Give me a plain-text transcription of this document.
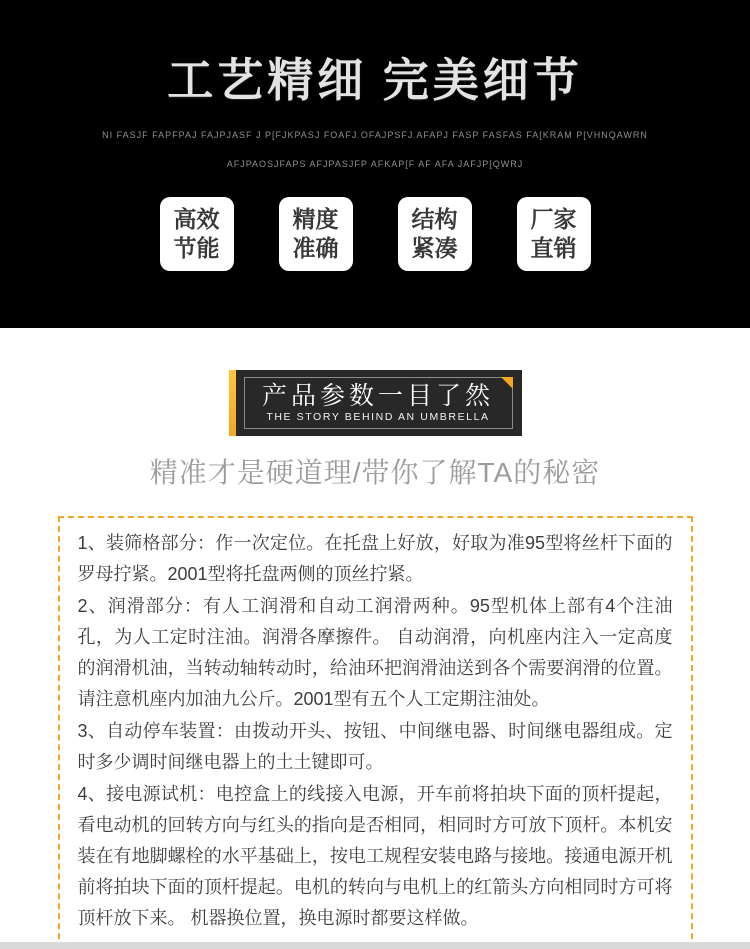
工艺精细 完美细节
NI FASJF FAPFPAJ FAJPJASF J P[FJKPASJ FOAFJ OFAJPSFJ AFAPJ FASP FASFAS FA[KRAM P[VHNQAWRN
AFJPAOSJFAPS AFJPASJFP AFKAP[F AF AFA JAFJP[QWRJ
高效
节能
精度
准确
结构
紧凑
厂家
直销
产品参数一目了然
THE STORY BEHIND AN UMBRELLA
精准才是硬道理/带你了解TA的秘密

1、装筛格部分：作一次定位。在托盘上好放，好取为准95型将丝杆下面的罗母拧紧。2001型将托盘两侧的顶丝拧紧。

2、润滑部分：有人工润滑和自动工润滑两种。95型机体上部有4个注油孔，为人工定时注油。润滑各摩擦件。 自动润滑，向机座内注入一定高度的润滑机油，当转动轴转动时，给油环把润滑油送到各个需要润滑的位置。请注意机座内加油九公斤。2001型有五个人工定期注油处。

3、自动停车装置：由拨动开头、按钮、中间继电器、时间继电器组成。定时多少调时间继电器上的土土键即可。

4、接电源试机：电控盒上的线接入电源，开车前将拍块下面的顶杆提起，看电动机的回转方向与红头的指向是否相同，相同时方可放下顶杆。本机安装在有地脚螺栓的水平基础上，按电工规程安装电路与接地。接通电源开机前将拍块下面的顶杆提起。电机的转向与电机上的红箭头方向相同时方可将顶杆放下来。 机器换位置，换电源时都要这样做。
